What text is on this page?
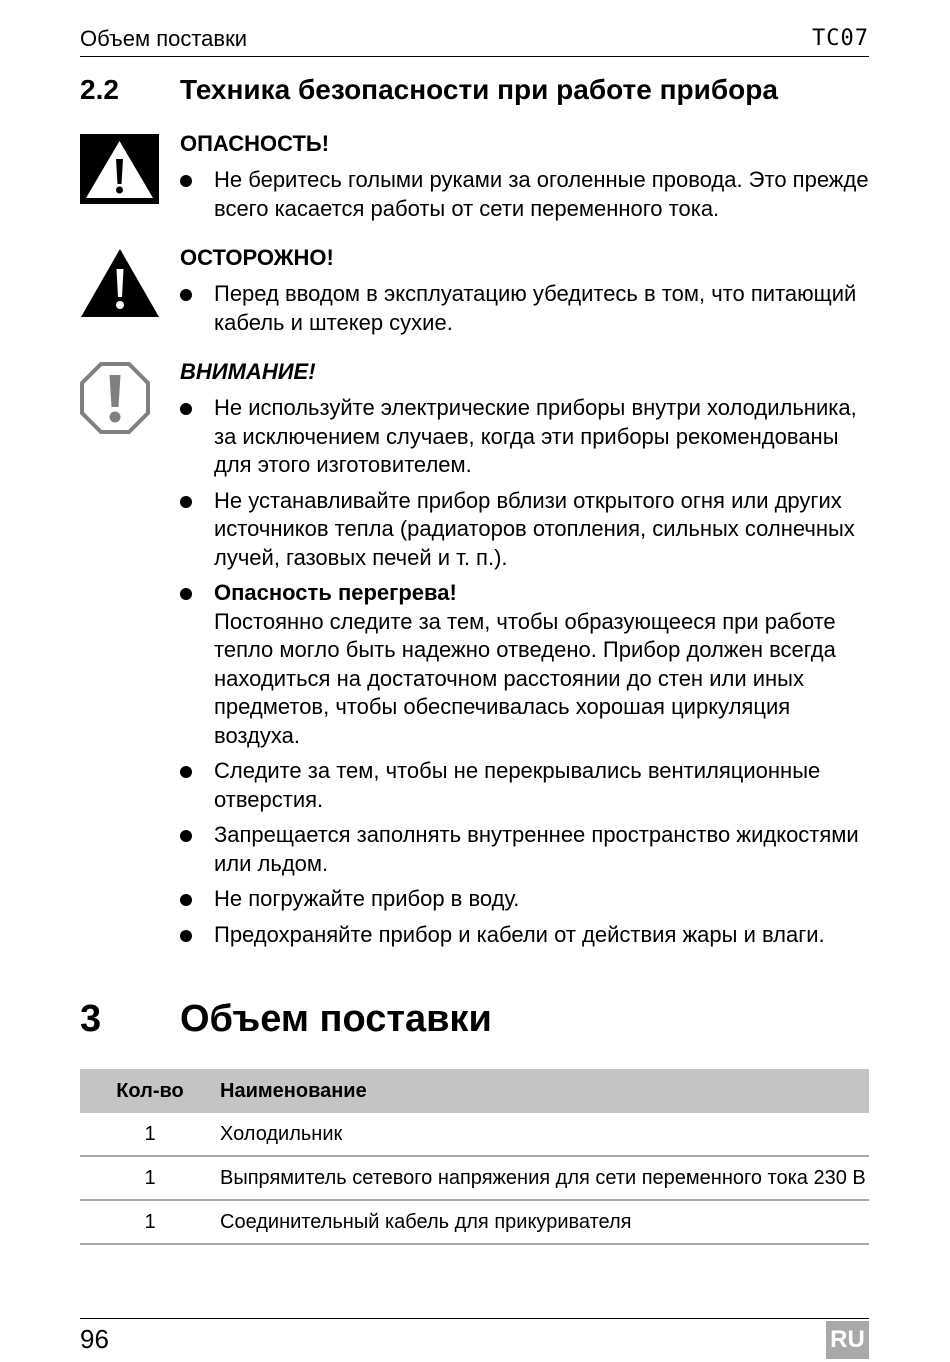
Объем поставки	TC07
2.2 Техника безопасности при работе прибора
ОПАСНОСТЬ!
Не беритесь голыми руками за оголенные провода. Это прежде всего касается работы от сети переменного тока.
ОСТОРОЖНО!
Перед вводом в эксплуатацию убедитесь в том, что питающий кабель и штекер сухие.
ВНИМАНИЕ!
Не используйте электрические приборы внутри холодильника, за исключением случаев, когда эти приборы рекомендованы для этого изготовителем.
Не устанавливайте прибор вблизи открытого огня или других источников тепла (радиаторов отопления, сильных солнечных лучей, газовых печей и т. п.).
Опасность перегрева!
Постоянно следите за тем, чтобы образующееся при работе тепло могло быть надежно отведено. Прибор должен всегда находиться на достаточном расстоянии до стен или иных предметов, чтобы обеспечивалась хорошая циркуляция воздуха.
Следите за тем, чтобы не перекрывались вентиляционные отверстия.
Запрещается заполнять внутреннее пространство жидкостями или льдом.
Не погружайте прибор в воду.
Предохраняйте прибор и кабели от действия жары и влаги.
3 Объем поставки
Кол-во	Наименование
1	Холодильник
1	Выпрямитель сетевого напряжения для сети переменного тока 230 В
1	Соединительный кабель для прикуривателя
96	RU
